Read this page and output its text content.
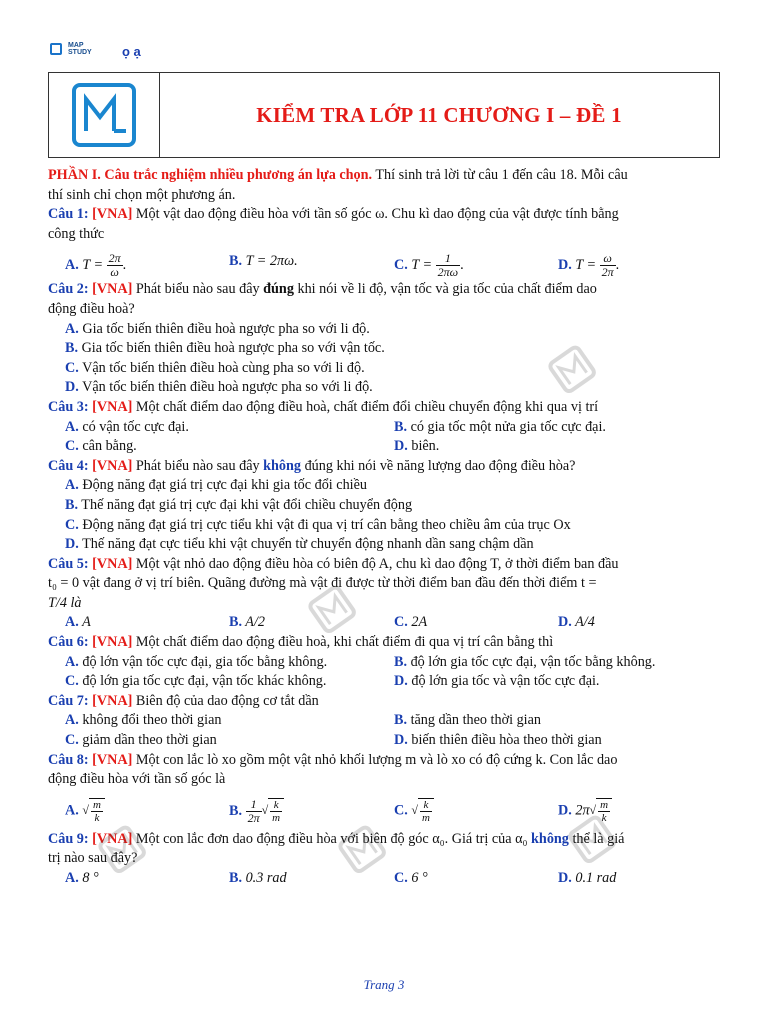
MAP
STUDY ọ ạ
KIỂM TRA LỚP 11 CHƯƠNG I – ĐỀ 1
PHẦN I. Câu trắc nghiệm nhiều phương án lựa chọn. Thí sinh trả lời từ câu 1 đến câu 18. Mỗi câu
thí sinh chỉ chọn một phương án.
Câu 1: [VNA] Một vật dao động điều hòa với tần số góc ω. Chu kì dao động của vật được tính bằng
công thức
A. $T = \frac{2\pi}{\omega}$ .	B. T = 2πω.	C. $T = \frac{1}{2\pi\omega}$ .	D. $T = \frac{\omega}{2\pi}$ .
Câu 2: [VNA] Phát biểu nào sau đây đúng khi nói về li độ, vận tốc và gia tốc của chất điểm dao
động điều hoà?
A. Gia tốc biến thiên điều hoà ngược pha so với li độ.
B. Gia tốc biến thiên điều hoà ngược pha so với vận tốc.
C. Vận tốc biến thiên điều hoà cùng pha so với li độ.
D. Vận tốc biến thiên điều hoà ngược pha so với li độ.
Câu 3: [VNA] Một chất điểm dao động điều hoà, chất điểm đổi chiều chuyển động khi qua vị trí
A. có vận tốc cực đại.	B. có gia tốc một nửa gia tốc cực đại.
C. cân bằng.	D. biên.
Câu 4: [VNA] Phát biểu nào sau đây không đúng khi nói về năng lượng dao động điều hòa?
A. Động năng đạt giá trị cực đại khi gia tốc đổi chiều
B. Thế năng đạt giá trị cực đại khi vật đổi chiều chuyển động
C. Động năng đạt giá trị cực tiểu khi vật đi qua vị trí cân bằng theo chiều âm của trục Ox
D. Thế năng đạt cực tiểu khi vật chuyển từ chuyển động nhanh dần sang chậm dần
Câu 5: [VNA] Một vật nhỏ dao động điều hòa có biên độ A, chu kì dao động T, ở thời điểm ban đầu
t₀ = 0 vật đang ở vị trí biên. Quãng đường mà vật đi được từ thời điểm ban đầu đến thời điểm t =
T/4 là
A. A	B. A/2	C. 2A	D. A/4
Câu 6: [VNA] Một chất điểm dao động điều hoà, khi chất điểm đi qua vị trí cân bằng thì
A. độ lớn vận tốc cực đại, gia tốc bằng không.	B. độ lớn gia tốc cực đại, vận tốc bằng không.
C. độ lớn gia tốc cực đại, vận tốc khác không.	D. độ lớn gia tốc và vận tốc cực đại.
Câu 7: [VNA] Biên độ của dao động cơ tắt dần
A. không đổi theo thời gian	B. tăng dần theo thời gian
C. giảm dần theo thời gian	D. biến thiên điều hòa theo thời gian
Câu 8: [VNA] Một con lắc lò xo gồm một vật nhỏ khối lượng m và lò xo có độ cứng k. Con lắc dao
động điều hòa với tần số góc là
A. √ $\frac{m}{k}$	B. $\frac{1}{2\pi}$ √ $\frac{k}{m}$	C. √ $\frac{k}{m}$	D. $2\pi√ \frac{m}{k}$
Câu 9: [VNA] Một con lắc đơn dao động điều hòa với biên độ góc α₀. Giá trị của α₀ không thể là giá
trị nào sau đây?
A. 8 °	B. 0.3 rad	C. 6 °	D. 0.1 rad
Trang 3
